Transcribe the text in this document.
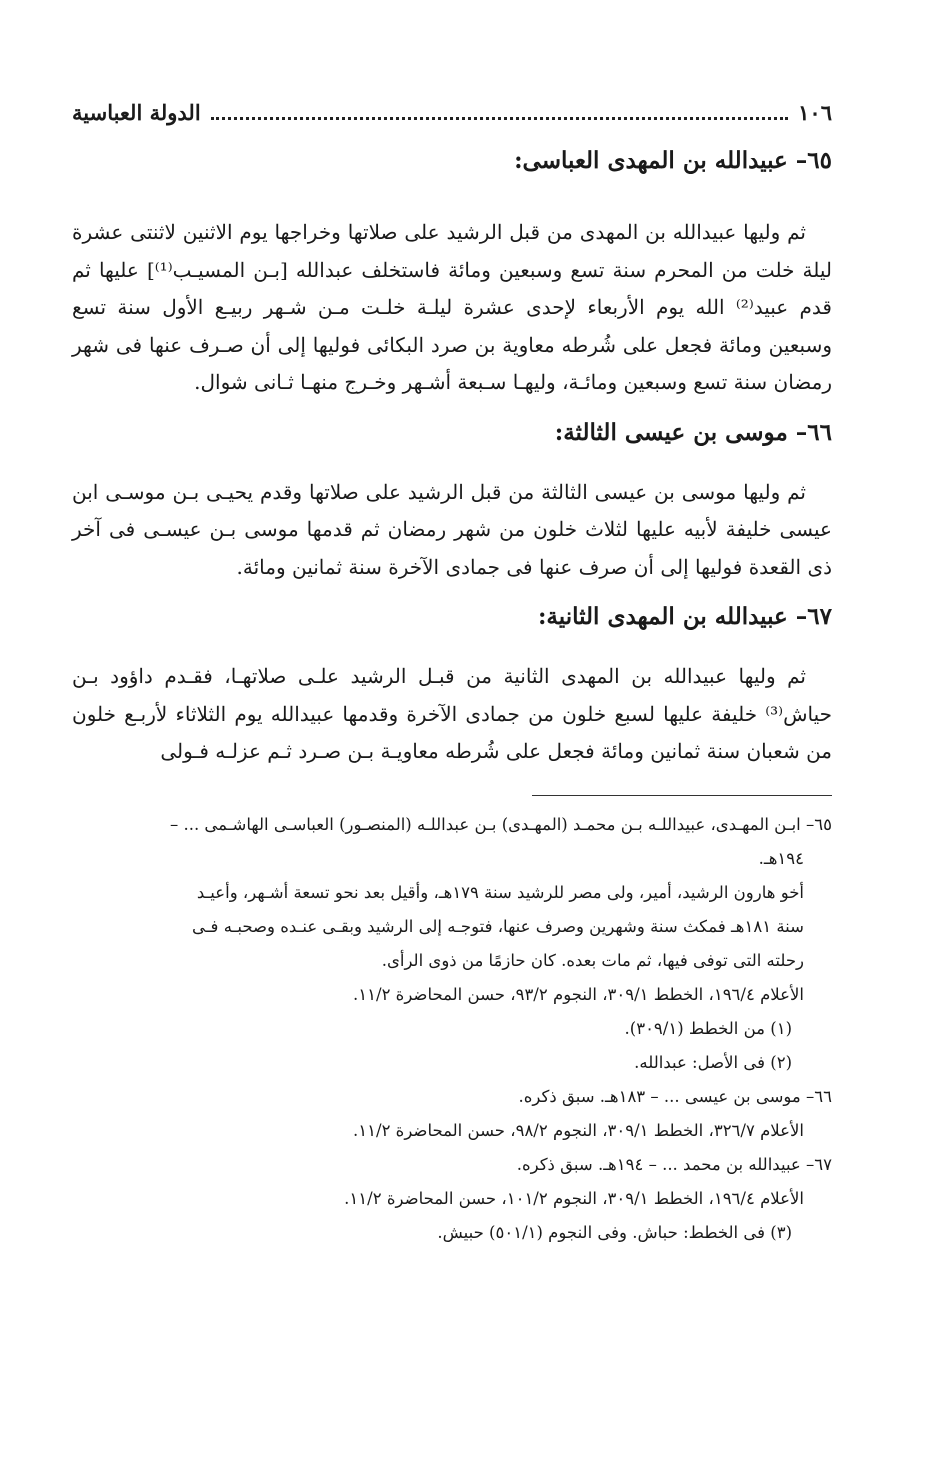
١٠٦
الدولة العباسية
٦٥– عبيدالله بن المهدى العباسى:

ثم وليها عبيدالله بن المهدى من قبل الرشيد على صلاتها وخراجها يوم الاثنين لاثنتى عشرة ليلة خلت من المحرم سنة تسع وسبعين ومائة فاستخلف عبدالله [بـن المسيـب⁽¹⁾] عليها ثم قدم عبيد⁽²⁾ الله يوم الأربعاء لإحدى عشرة ليلـة خلـت مـن شـهر ربيـع الأول سنة تسع وسبعين ومائة فجعل على شُرطه معاوية بن صرد البكائى فوليها إلى أن صـرف عنها فى شهر رمضان سنة تسع وسبعين ومائـة، وليهـا سـبعة أشـهر وخـرج منهـا ثـانى شوال.

٦٦– موسى بن عيسى الثالثة:

ثم وليها موسى بن عيسى الثالثة من قبل الرشيد على صلاتها وقدم يحيـى بـن موسـى ابن عيسى خليفة لأبيه عليها لثلاث خلون من شهر رمضان ثم قدمها موسى بـن عيسـى فى آخر ذى القعدة فوليها إلى أن صرف عنها فى جمادى الآخرة سنة ثمانين ومائة.

٦٧– عبيدالله بن المهدى الثانية:

ثم وليها عبيدالله بن المهدى الثانية من قبـل الرشيد علـى صلاتهـا، فقـدم داؤود بـن حياش⁽³⁾ خليفة عليها لسبع خلون من جمادى الآخرة وقدمها عبيدالله يوم الثلاثاء لأربـع خلون من شعبان سنة ثمانين ومائة فجعل على شُرطه معاويـة بـن صـرد ثـم عزلـه فـولى

٦٥– ابـن المهـدى، عبيداللـه بـن محمـد (المهـدى) بـن عبداللـه (المنصـور) العباسـى الهاشـمى ... –

١٩٤هـ.

أخو هارون الرشيد، أمير، ولى مصر للرشيد سنة ١٧٩هـ، وأقيل بعد نحو تسعة أشـهر، وأعيـد

سنة ١٨١هـ فمكث سنة وشهرين وصرف عنها، فتوجـه إلى الرشيد وبقـى عنـده وصحبـه فـى

رحلته التى توفى فيها، ثم مات بعده. كان حازمًا من ذوى الرأى.

الأعلام ١٩٦/٤، الخطط ٣٠٩/١، النجوم ٩٣/٢، حسن المحاضرة ١١/٢.

(١) من الخطط (٣٠٩/١).

(٢) فى الأصل: عبدالله.

٦٦– موسى بن عيسى ... – ١٨٣هـ. سبق ذكره.

الأعلام ٣٢٦/٧، الخطط ٣٠٩/١، النجوم ٩٨/٢، حسن المحاضرة ١١/٢.

٦٧– عبيدالله بن محمد ... – ١٩٤هـ. سبق ذكره.

الأعلام ١٩٦/٤، الخطط ٣٠٩/١، النجوم ١٠١/٢، حسن المحاضرة ١١/٢.

(٣) فى الخطط: حباش. وفى النجوم (٥٠١/١) حبيش.
